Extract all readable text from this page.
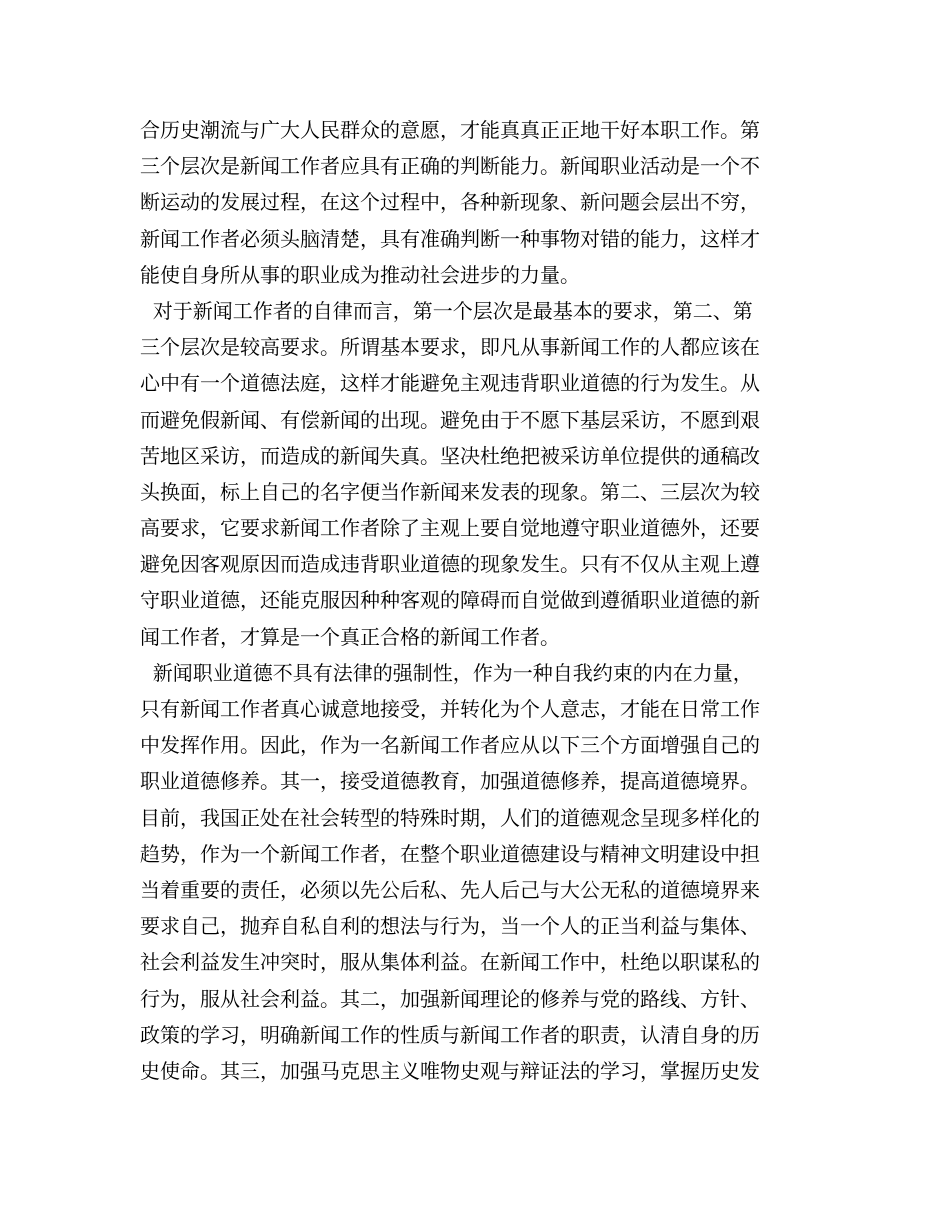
合历史潮流与广大人民群众的意愿，才能真真正正地干好本职工作。第
三个层次是新闻工作者应具有正确的判断能力。新闻职业活动是一个不
断运动的发展过程，在这个过程中，各种新现象、新问题会层出不穷，
新闻工作者必须头脑清楚，具有准确判断一种事物对错的能力，这样才
能使自身所从事的职业成为推动社会进步的力量。
对于新闻工作者的自律而言，第一个层次是最基本的要求，第二、第
三个层次是较高要求。所谓基本要求，即凡从事新闻工作的人都应该在
心中有一个道德法庭，这样才能避免主观违背职业道德的行为发生。从
而避免假新闻、有偿新闻的出现。避免由于不愿下基层采访，不愿到艰
苦地区采访，而造成的新闻失真。坚决杜绝把被采访单位提供的通稿改
头换面，标上自己的名字便当作新闻来发表的现象。第二、三层次为较
高要求，它要求新闻工作者除了主观上要自觉地遵守职业道德外，还要
避免因客观原因而造成违背职业道德的现象发生。只有不仅从主观上遵
守职业道德，还能克服因种种客观的障碍而自觉做到遵循职业道德的新
闻工作者，才算是一个真正合格的新闻工作者。
新闻职业道德不具有法律的强制性，作为一种自我约束的内在力量，
只有新闻工作者真心诚意地接受，并转化为个人意志，才能在日常工作
中发挥作用。因此，作为一名新闻工作者应从以下三个方面增强自己的
职业道德修养。其一，接受道德教育，加强道德修养，提高道德境界。
目前，我国正处在社会转型的特殊时期，人们的道德观念呈现多样化的
趋势，作为一个新闻工作者，在整个职业道德建设与精神文明建设中担
当着重要的责任，必须以先公后私、先人后己与大公无私的道德境界来
要求自己，抛弃自私自利的想法与行为，当一个人的正当利益与集体、
社会利益发生冲突时，服从集体利益。在新闻工作中，杜绝以职谋私的
行为，服从社会利益。其二，加强新闻理论的修养与党的路线、方针、
政策的学习，明确新闻工作的性质与新闻工作者的职责，认清自身的历
史使命。其三，加强马克思主义唯物史观与辩证法的学习，掌握历史发
